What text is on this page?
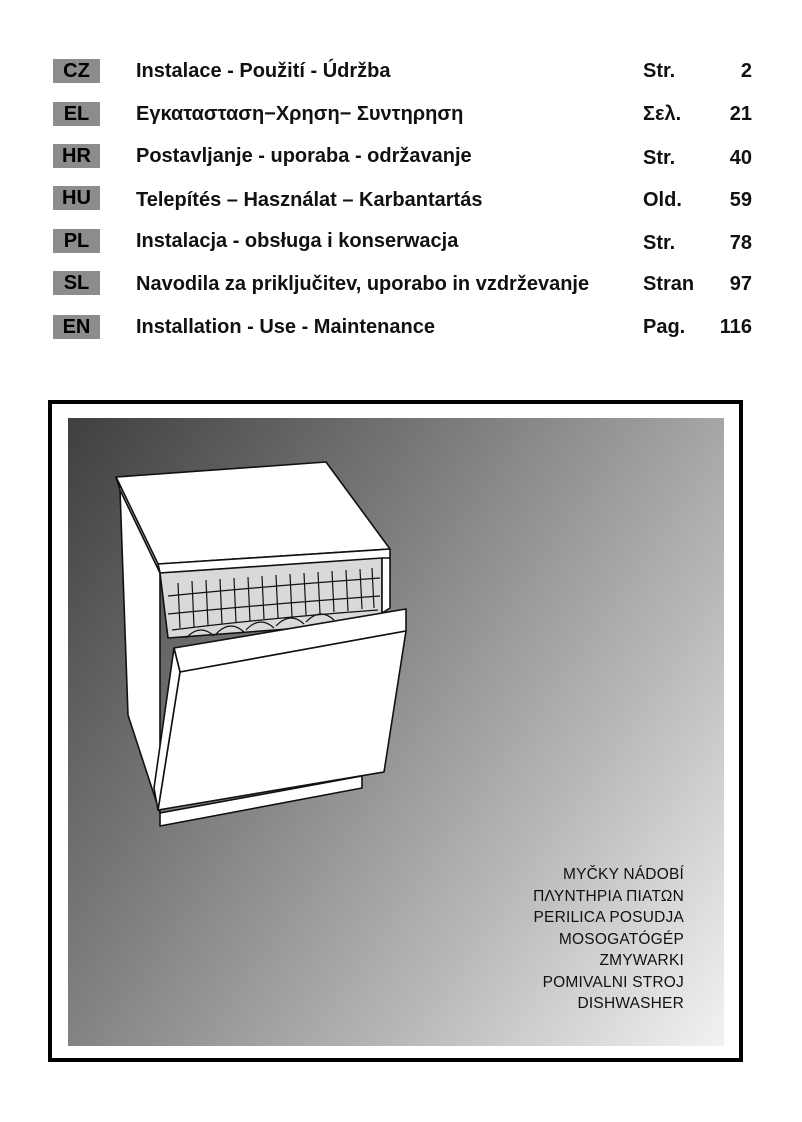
CZ	Instalace - Použití - Údržba	Str.	2
EL	Εγκατασταση−Χρηση− Συντηρηση	Σελ. 21
HR	Postavljanje - uporaba - održavanje	Str.	40
HU	Telepítés – Használat – Karbantartás	Old. 59
PL	Instalacja - obsługa i konserwacja	Str.	78
SL	Navodila za priključitev, uporabo in vzdrževanje	Stran 97
EN	Installation - Use - Maintenance	Pag. 116
MYČKY NÁDOBÍ
ΠΛΥΝΤΗΡΙΑ ΠΙΑΤΩΝ
PERILICA POSUDJA
MOSOGATÓGÉP
ZMYWARKI
POMIVALNI STROJ
DISHWASHER
